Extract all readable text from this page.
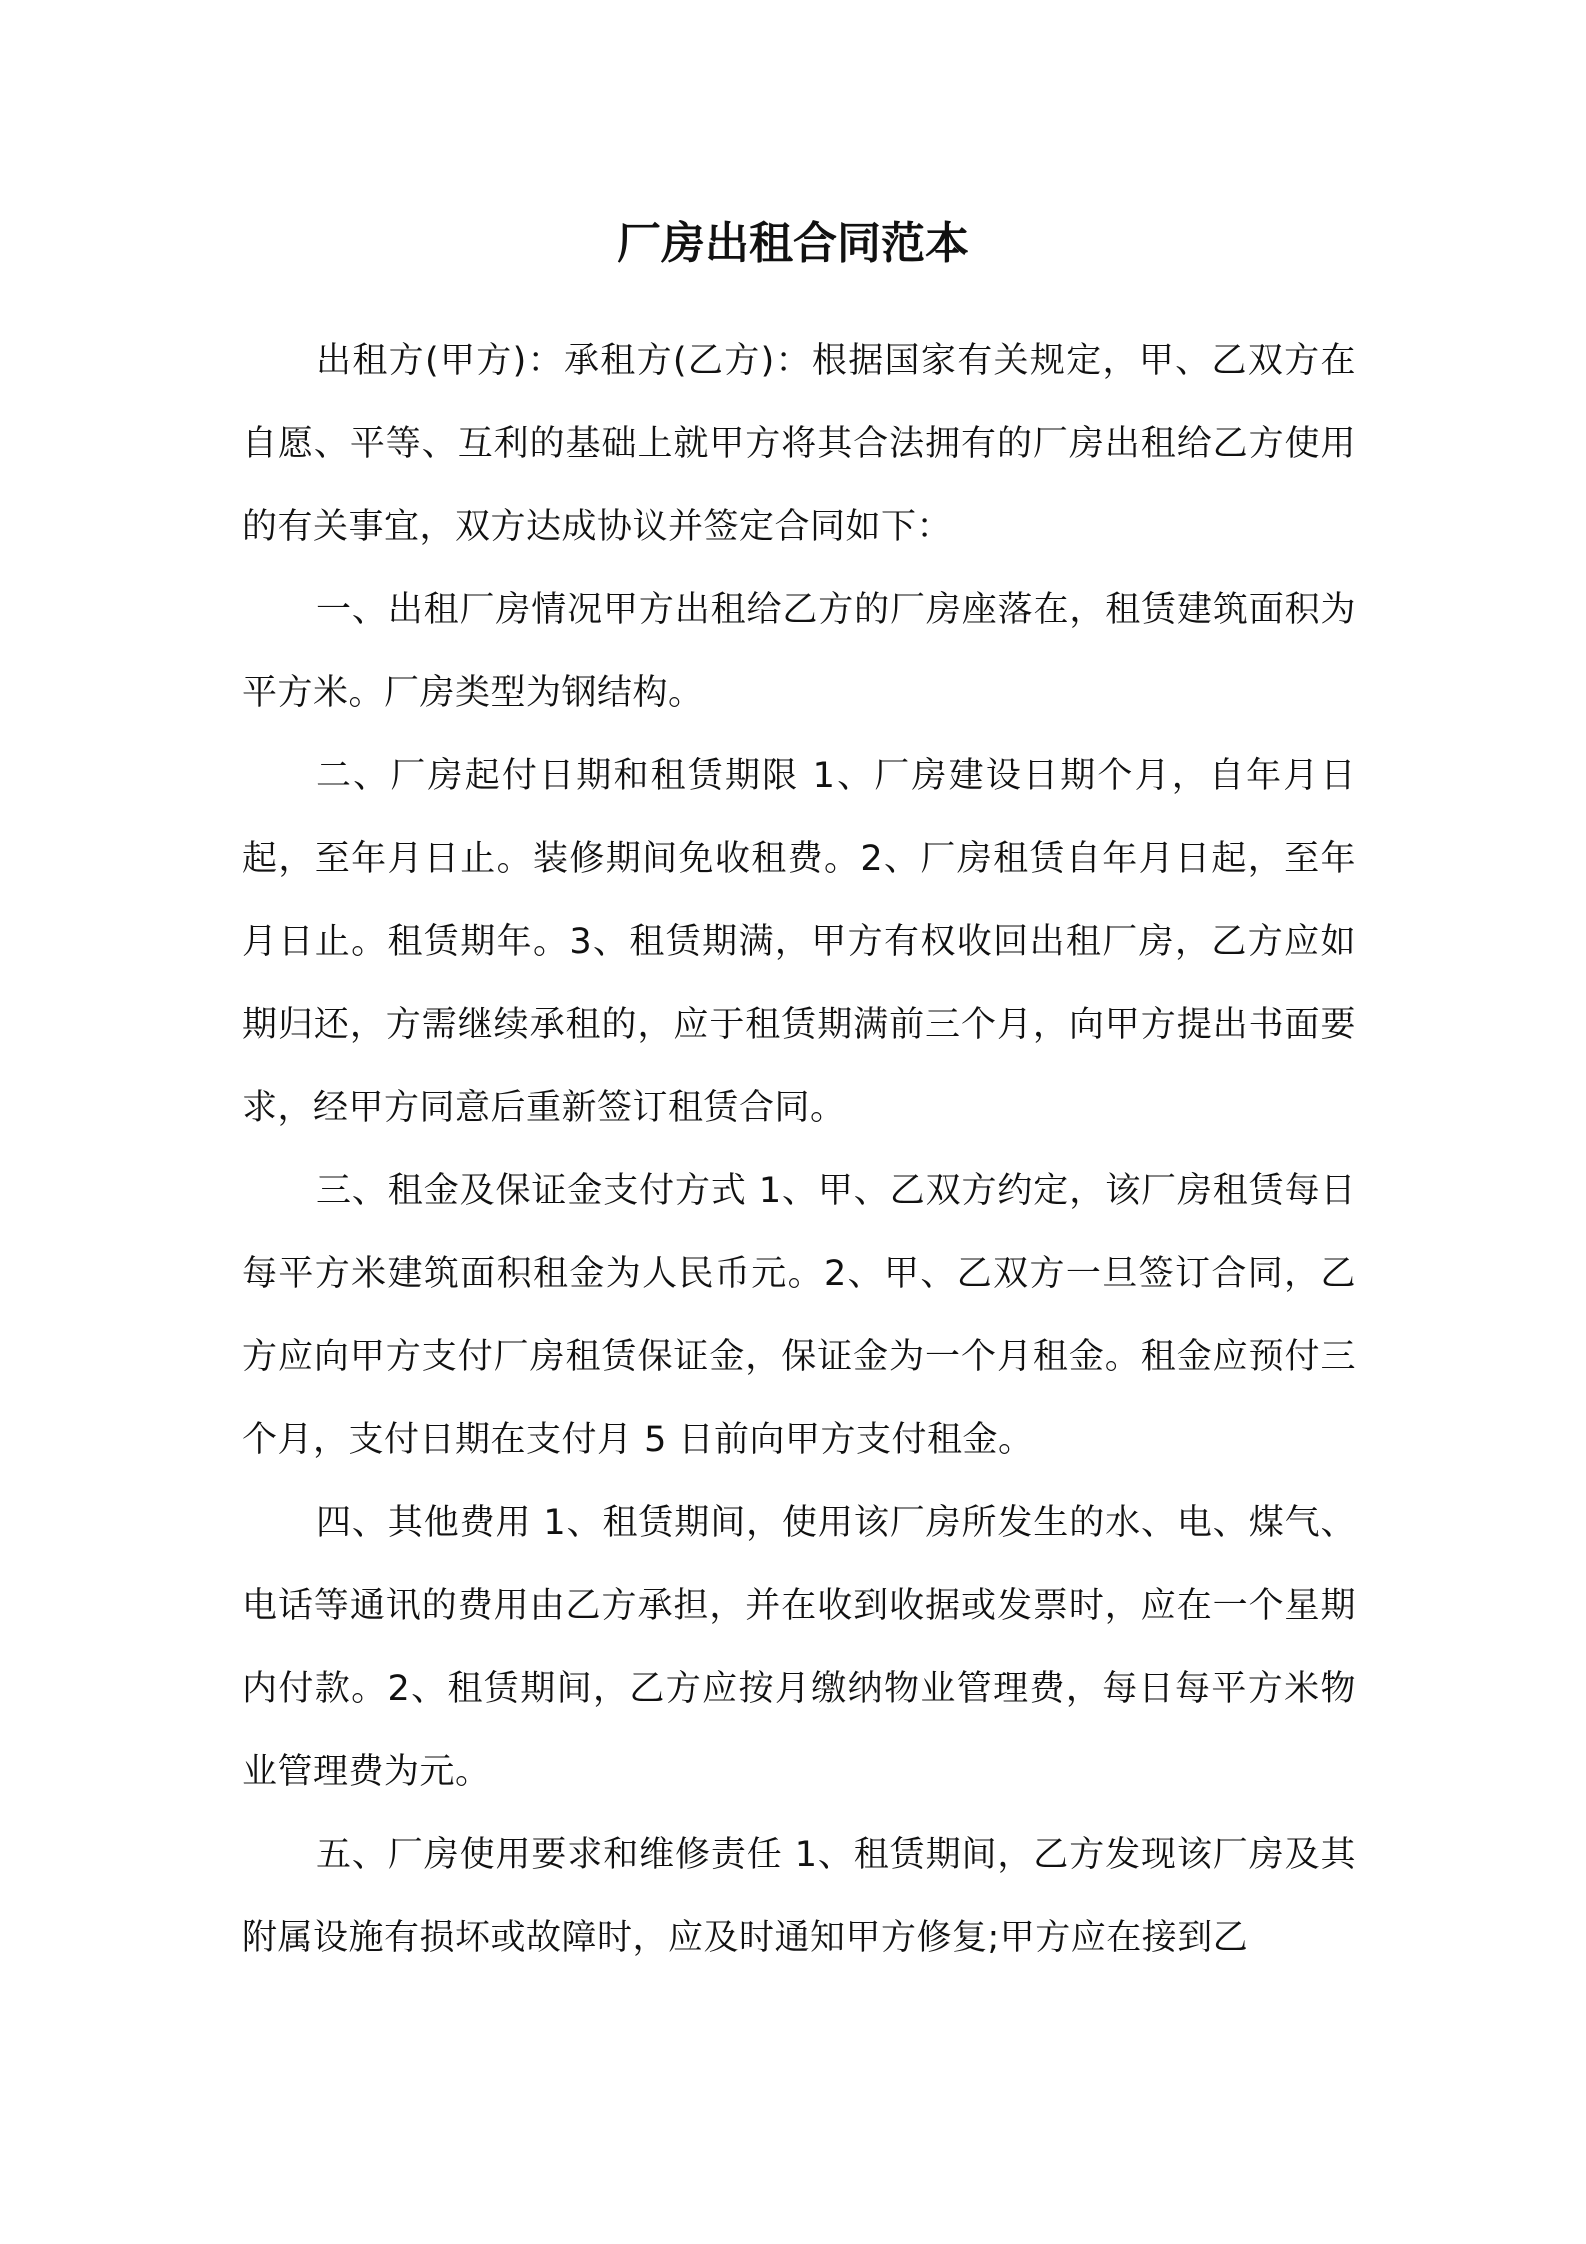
厂房出租合同范本

出租方(甲方)：承租方(乙方)：根据国家有关规定，甲、乙双方在自愿、平等、互利的基础上就甲方将其合法拥有的厂房出租给乙方使用的有关事宜，双方达成协议并签定合同如下：

一、出租厂房情况甲方出租给乙方的厂房座落在，租赁建筑面积为平方米。厂房类型为钢结构。

二、厂房起付日期和租赁期限 1、厂房建设日期个月，自年月日起，至年月日止。装修期间免收租费。2、厂房租赁自年月日起，至年月日止。租赁期年。3、租赁期满，甲方有权收回出租厂房，乙方应如期归还，方需继续承租的，应于租赁期满前三个月，向甲方提出书面要求，经甲方同意后重新签订租赁合同。

三、租金及保证金支付方式 1、甲、乙双方约定，该厂房租赁每日每平方米建筑面积租金为人民币元。2、甲、乙双方一旦签订合同，乙方应向甲方支付厂房租赁保证金，保证金为一个月租金。租金应预付三个月，支付日期在支付月 5 日前向甲方支付租金。

四、其他费用 1、租赁期间，使用该厂房所发生的水、电、煤气、电话等通讯的费用由乙方承担，并在收到收据或发票时，应在一个星期内付款。2、租赁期间，乙方应按月缴纳物业管理费，每日每平方米物业管理费为元。

五、厂房使用要求和维修责任 1、租赁期间，乙方发现该厂房及其附属设施有损坏或故障时，应及时通知甲方修复;甲方应在接到乙
